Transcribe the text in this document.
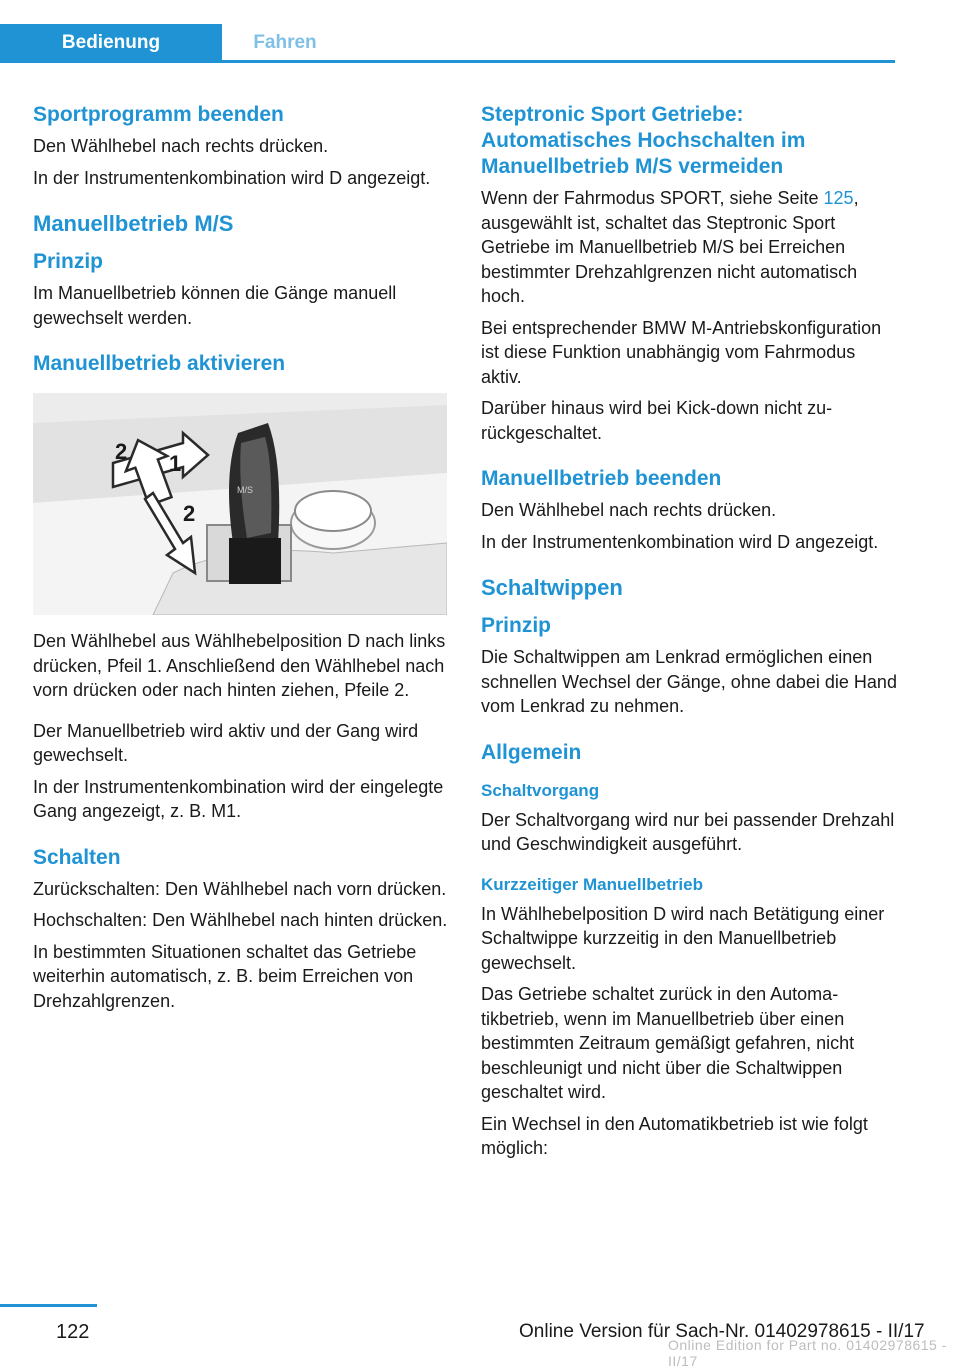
Bedienung	Fahren
Sportprogramm beenden

Den Wählhebel nach rechts drücken.

In der Instrumentenkombination wird D angezeigt.

Manuellbetrieb M/S
Prinzip

Im Manuellbetrieb können die Gänge manuell gewechselt werden.

Manuellbetrieb aktivieren
1
2
2
M/S

Den Wählhebel aus Wählhebelposition D nach links drücken, Pfeil 1. Anschließend den Wählhebel nach vorn drücken oder nach hinten ziehen, Pfeile 2.

Der Manuellbetrieb wird aktiv und der Gang wird gewechselt.

In der Instrumentenkombination wird der eingelegte Gang angezeigt, z. B. M1.

Schalten

Zurückschalten: Den Wählhebel nach vorn drücken.

Hochschalten: Den Wählhebel nach hinten drücken.

In bestimmten Situationen schaltet das Getriebe weiterhin automatisch, z. B. beim Erreichen von Drehzahlgrenzen.

Steptronic Sport Getriebe: Automatisches Hochschalten im Manuellbetrieb M/S vermeiden

Wenn der Fahrmodus SPORT, siehe Seite 125, ausgewählt ist, schaltet das Steptronic Sport Getriebe im Manuellbetrieb M/S bei Erreichen bestimmter Drehzahlgrenzen nicht automatisch hoch.

Bei entsprechender BMW M-Antriebskonfiguration ist diese Funktion unabhängig vom Fahrmodus aktiv.

Darüber hinaus wird bei Kick-down nicht zurückgeschaltet.

Manuellbetrieb beenden

Den Wählhebel nach rechts drücken.

In der Instrumentenkombination wird D angezeigt.

Schaltwippen
Prinzip

Die Schaltwippen am Lenkrad ermöglichen einen schnellen Wechsel der Gänge, ohne dabei die Hand vom Lenkrad zu nehmen.

Allgemein
Schaltvorgang

Der Schaltvorgang wird nur bei passender Drehzahl und Geschwindigkeit ausgeführt.

Kurzzeitiger Manuellbetrieb

In Wählhebelposition D wird nach Betätigung einer Schaltwippe kurzzeitig in den Manuellbetrieb gewechselt.

Das Getriebe schaltet zurück in den Automatikbetrieb, wenn im Manuellbetrieb über einen bestimmten Zeitraum gemäßigt gefahren, nicht beschleunigt und nicht über die Schaltwippen geschaltet wird.

Ein Wechsel in den Automatikbetrieb ist wie folgt möglich:

122	Online Version für Sach-Nr. 01402978615 - II/17
Online Edition for Part no. 01402978615 - II/17
